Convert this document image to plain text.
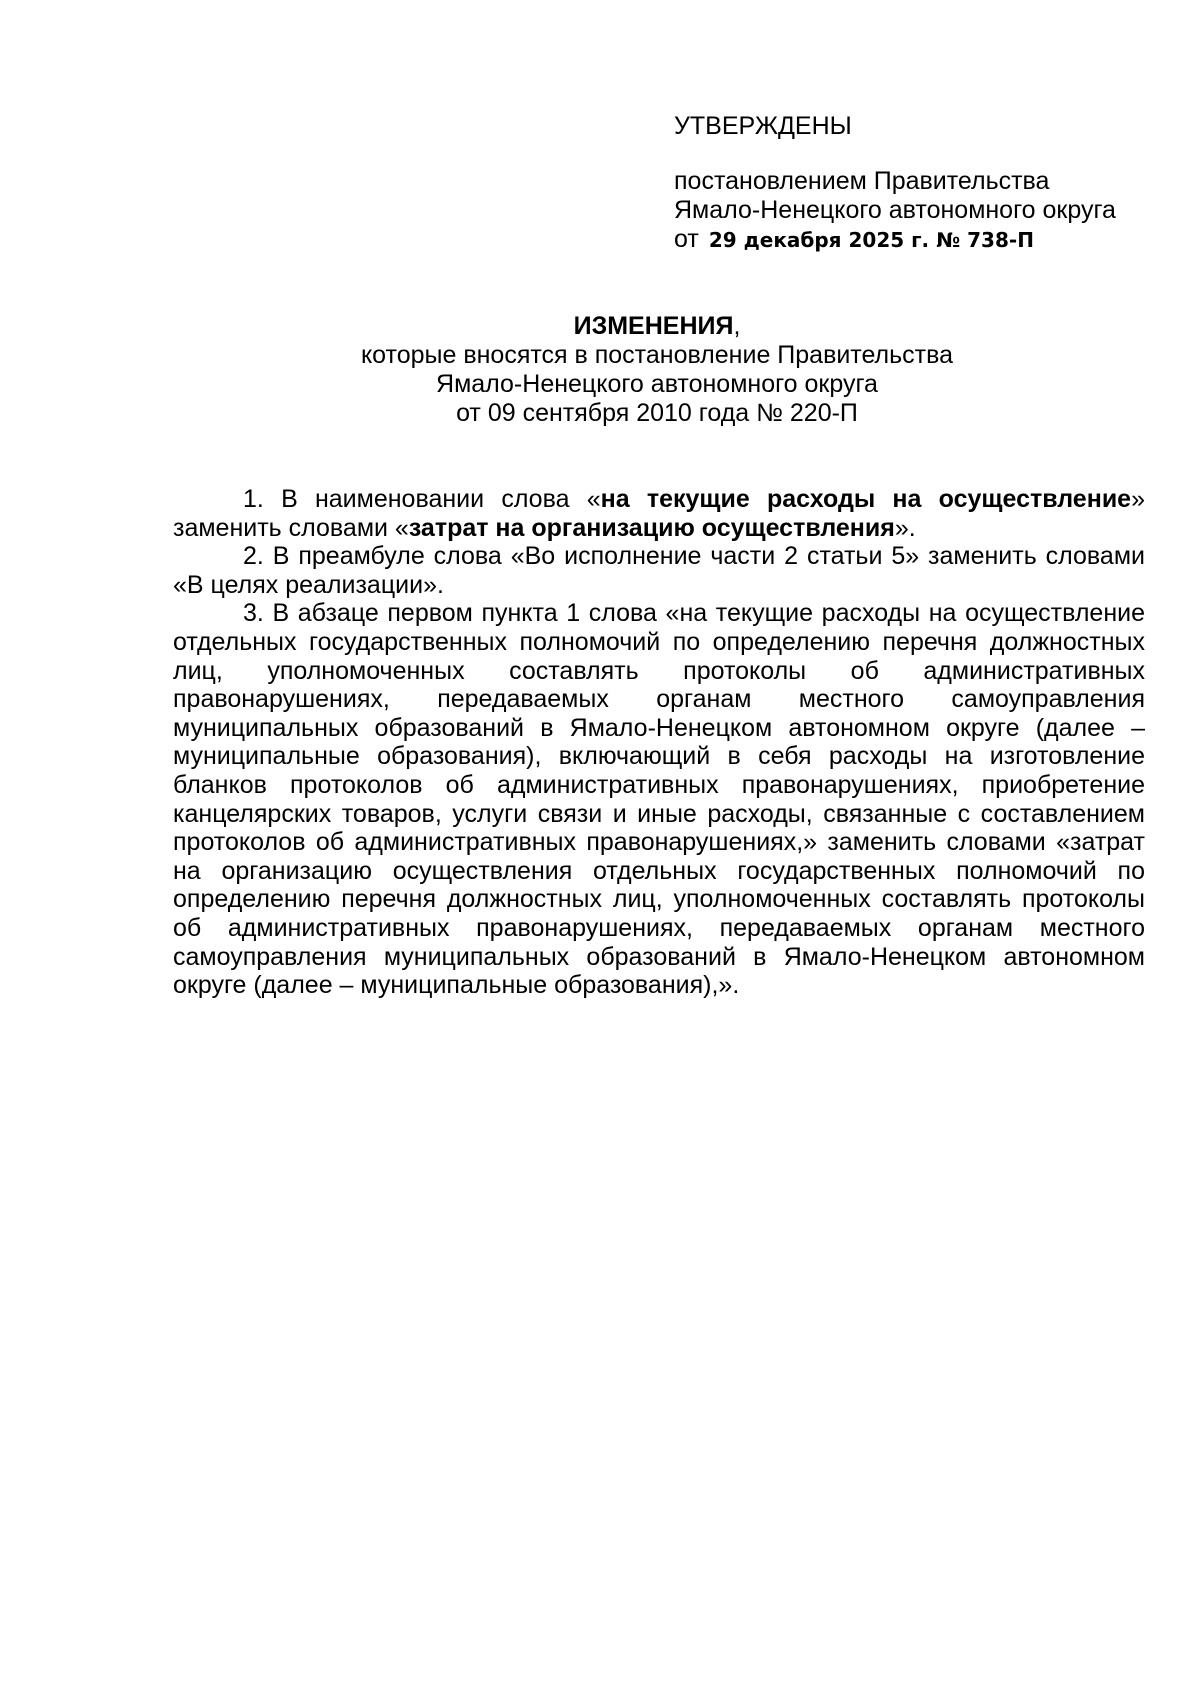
УТВЕРЖДЕНЫ
постановлением Правительства
Ямало-Ненецкого автономного округа
от 29 декабря 2025 г. № 738-П
ИЗМЕНЕНИЯ,
которые вносятся в постановление Правительства
Ямало-Ненецкого автономного округа
от 09 сентября 2010 года № 220-П

1. В наименовании слова «на текущие расходы на осуществление» заменить словами «затрат на организацию осуществления».

2. В преамбуле слова «Во исполнение части 2 статьи 5» заменить словами «В целях реализации».

3. В абзаце первом пункта 1 слова «на текущие расходы на осуществление отдельных государственных полномочий по определению перечня должностных лиц, уполномоченных составлять протоколы об административных правонарушениях, передаваемых органам местного самоуправления муниципальных образований в Ямало-Ненецком автономном округе (далее – муниципальные образования), включающий в себя расходы на изготовление бланков протоколов об административных правонарушениях, приобретение канцелярских товаров, услуги связи и иные расходы, связанные с составлением протоколов об административных правонарушениях,» заменить словами «затрат на организацию осуществления отдельных государственных полномочий по определению перечня должностных лиц, уполномоченных составлять протоколы об административных правонарушениях, передаваемых органам местного самоуправления муниципальных образований в Ямало-Ненецком автономном округе (далее – муниципальные образования),».
